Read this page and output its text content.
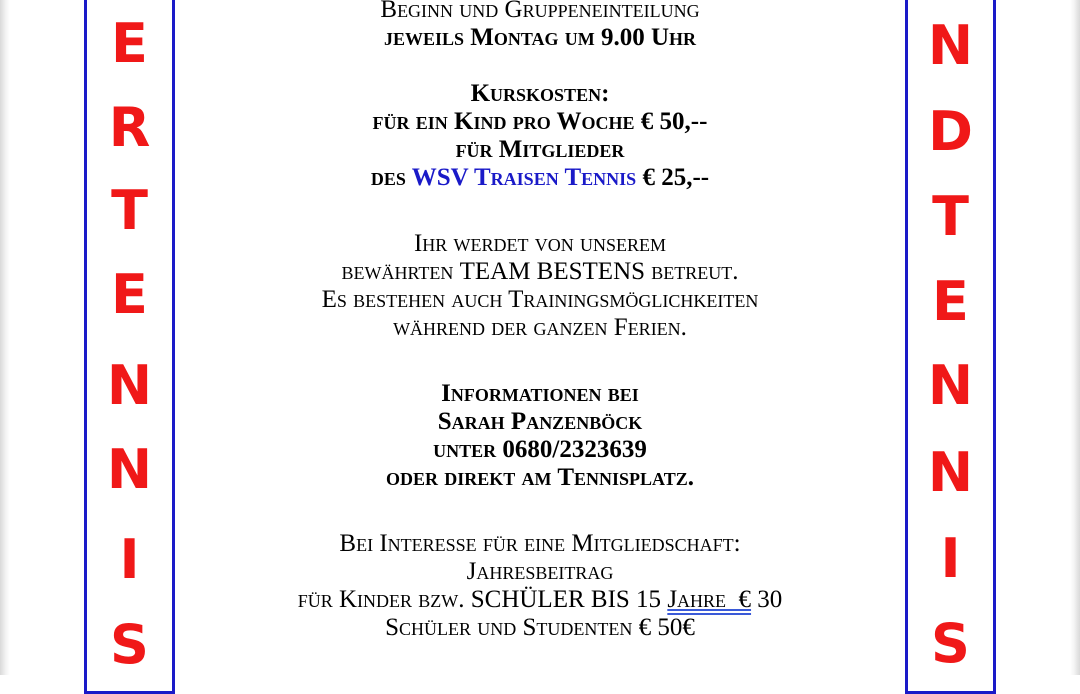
E
R
T
E
N
N
I
S
N
D
T
E
N
N
I
S
Beginn und Gruppeneinteilung
jeweils Montag um 9.00 Uhr
Kurskosten:
für ein Kind pro Woche € 50,--
für Mitglieder
des WSV Traisen Tennis € 25,--
Ihr werdet von unserem
bewährten TEAM BESTENS betreut.
Es bestehen auch Trainingsmöglichkeiten
während der ganzen Ferien.
Informationen bei
Sarah Panzenböck
unter 0680/2323639
oder direkt am Tennisplatz.
Bei Interesse für eine Mitgliedschaft:
Jahresbeitrag
für Kinder bzw. SCHÜLER BIS 15 Jahre  € 30
Schüler und Studenten € 50€
